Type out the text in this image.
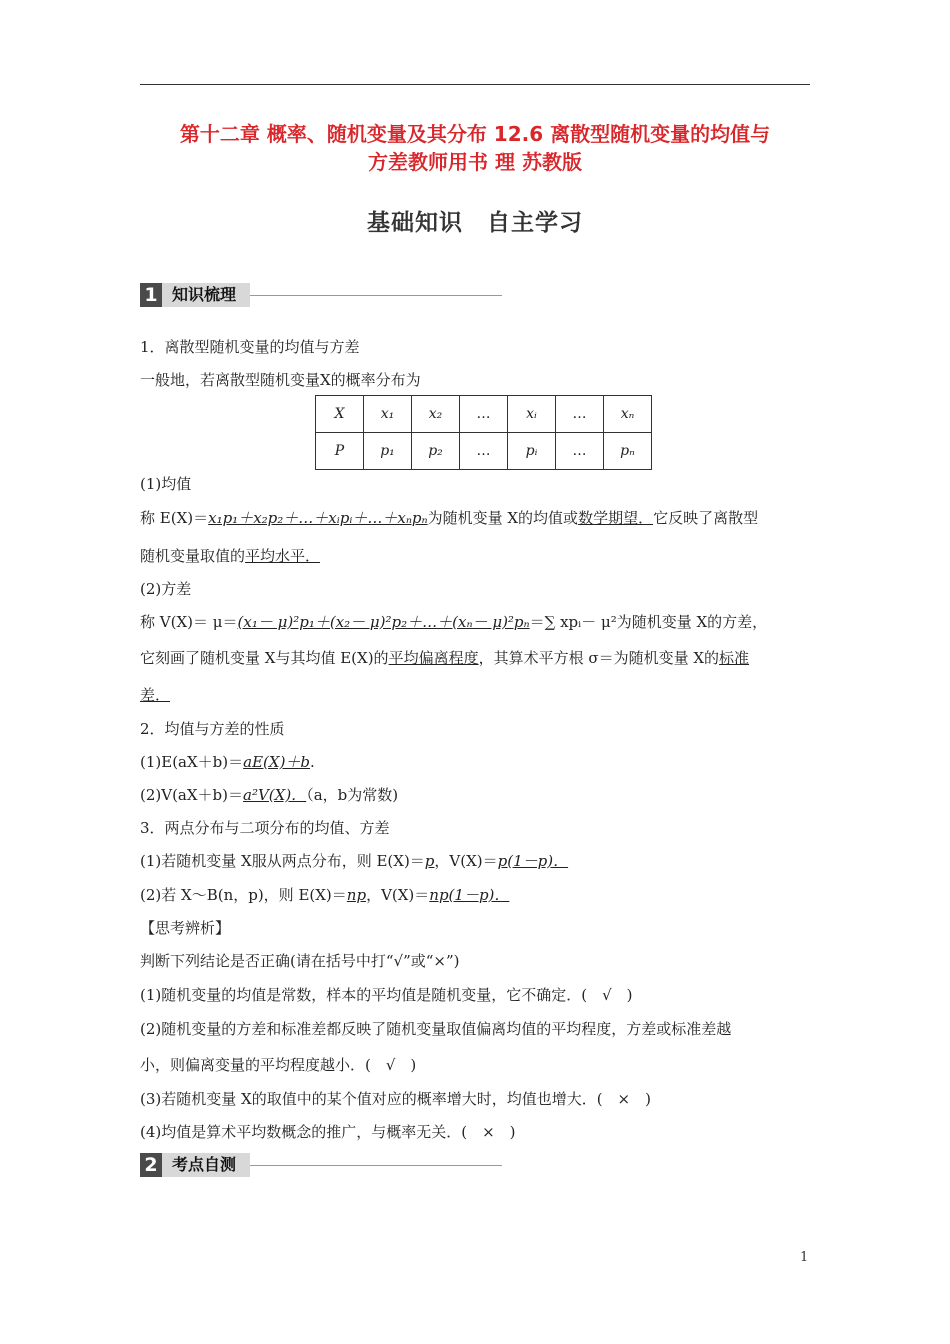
第十二章 概率、随机变量及其分布 12.6 离散型随机变量的均值与
方差教师用书 理 苏教版
基础知识　自主学习
1 知识梳理
1．离散型随机变量的均值与方差
一般地，若离散型随机变量X的概率分布为
(1)均值
称 E(X)＝x₁p₁＋x₂p₂＋…＋xᵢpᵢ＋…＋xₙpₙ为随机变量 X的均值或数学期望．它反映了离散型
随机变量取值的平均水平．
(2)方差
称 V(X)＝ μ＝(x₁－ μ)²p₁＋(x₂－ μ)²p₂＋…＋(xₙ－ μ)²pₙ＝∑ xpᵢ－ μ²为随机变量 X的方差，
它刻画了随机变量 X与其均值 E(X)的平均偏离程度，其算术平方根 σ＝为随机变量 X的标准
差．
2．均值与方差的性质
(1)E(aX＋b)＝aE(X)＋b.
(2)V(aX＋b)＝a²V(X)．（a，b为常数)
3．两点分布与二项分布的均值、方差
(1)若随机变量 X服从两点分布，则 E(X)＝p，V(X)＝p(1－p)．
(2)若 X～B(n，p)，则 E(X)＝np，V(X)＝np(1－p)．
【思考辨析】
判断下列结论是否正确(请在括号中打“√”或“×”)
(1)随机变量的均值是常数，样本的平均值是随机变量，它不确定．(　√　)
(2)随机变量的方差和标准差都反映了随机变量取值偏离均值的平均程度，方差或标准差越
小，则偏离变量的平均程度越小．(　√　)
(3)若随机变量 X的取值中的某个值对应的概率增大时，均值也增大．(　×　)
(4)均值是算术平均数概念的推广，与概率无关．(　×　)
X	x₁	x₂	…	xᵢ	…	xₙ
P	p₁	p₂	…	pᵢ	…	pₙ
2 考点自测
1
